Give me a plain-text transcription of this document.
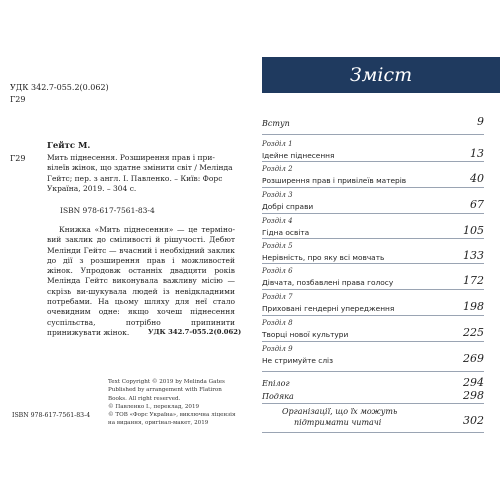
УДК 342.7-055.2(0.062)
Г29
Гейтс М.
Г29	Мить піднесення. Розширення прав і при-
вілеїв жінок, що здатне змінити світ / Мелінда
Гейтс; пер. з англ. І. Павленко. – Київ: Форс
Україна, 2019. – 304 с.
ISBN 978-617-7561-83-4
Книжка «Мить піднесення» — це терміно-вий заклик до сміливості й рішучості. Дебют Мелінди Гейтс — вчасний і необхідний заклик до дії з розширення прав і можливостей жінок. Упродовж останніх двадцяти років Мелінда Гейтс виконувала важливу місію — скрізь ви-шукувала людей із невідкладними потребами. На цьому шляху для неї стало очевидним одне: якщо хочеш піднесення суспільства, потрібно припинити принижувати жінок.	УДК 342.7-055.2(0.062)
Text Copyright © 2019 by Melinda Gates
Published by arrangement with Flatiron
Books. All right reserved.
© Павленко І., переклад, 2019
© ТОВ «Форс Україна», виключна ліцензія
на видання, оригінал-макет, 2019
ISBN 978-617-7561-83-4
Зміст
Вступ	9
Розділ 1
Ідейне піднесення	13
Розділ 2
Розширення прав і привілеїв матерів	40
Розділ 3
Добрі справи	67
Розділ 4
Гідна освіта	105
Розділ 5
Нерівність, про яку всі мовчать	133
Розділ 6
Дівчата, позбавлені права голосу	172
Розділ 7
Приховані гендерні упередження	198
Розділ 8
Творці нової культури	225
Розділ 9
Не стримуйте сліз	269
Епілог	294
Подяка	298
Організації, що їх можуть
підтримати читачі	302
